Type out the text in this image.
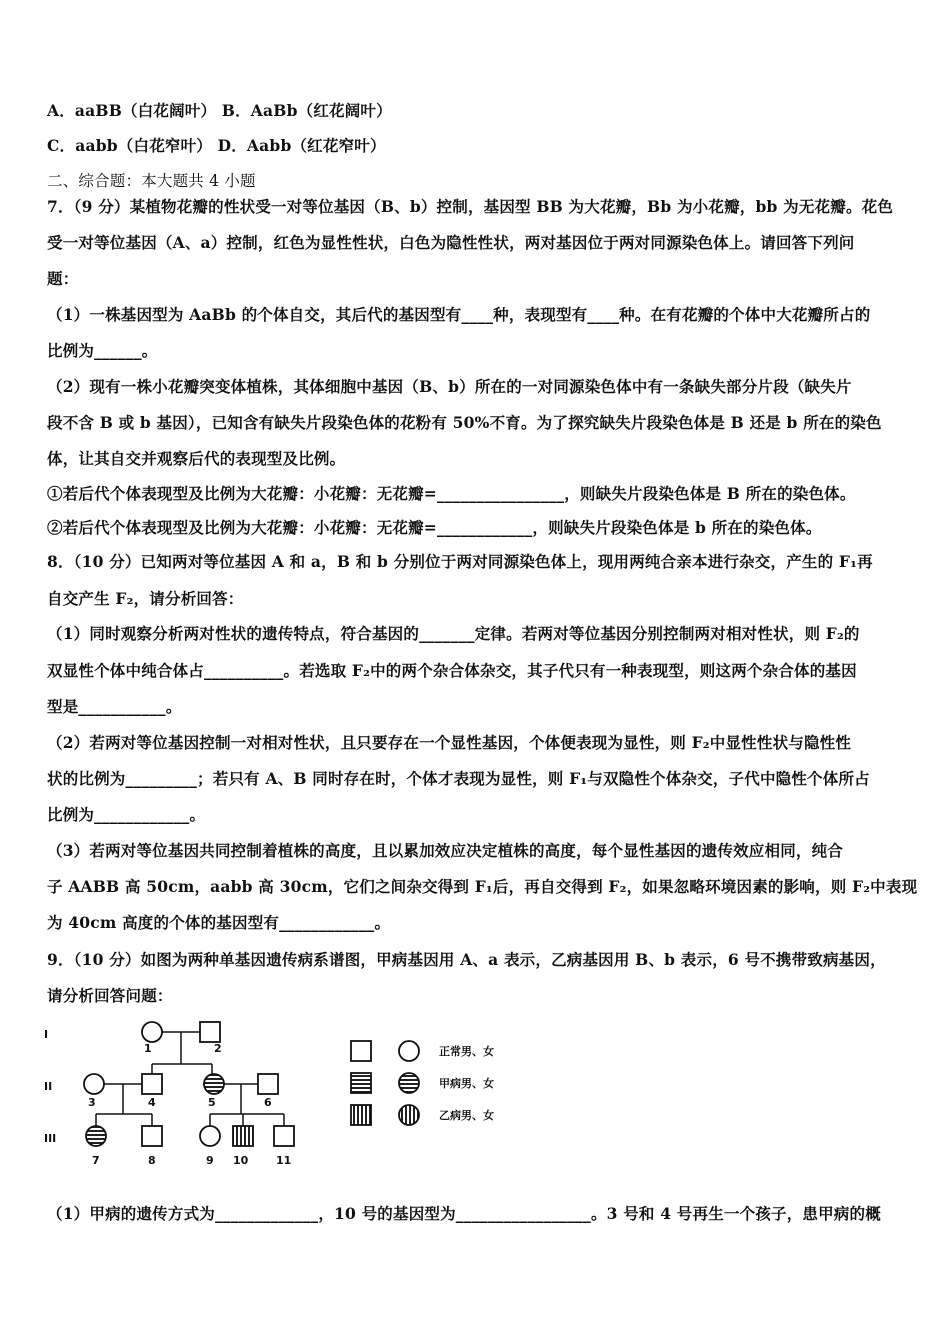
A．aaBB（白花阔叶） B．AaBb（红花阔叶）
C．aabb（白花窄叶） D．Aabb（红花窄叶）
二、综合题：本大题共 4 小题
7．（9 分）某植物花瓣的性状受一对等位基因（B、b）控制，基因型 BB 为大花瓣，Bb 为小花瓣，bb 为无花瓣。花色
受一对等位基因（A、a）控制，红色为显性性状，白色为隐性性状，两对基因位于两对同源染色体上。请回答下列问
题：
（1）一株基因型为 AaBb 的个体自交，其后代的基因型有____种，表现型有____种。在有花瓣的个体中大花瓣所占的
比例为______。
（2）现有一株小花瓣突变体植株，其体细胞中基因（B、b）所在的一对同源染色体中有一条缺失部分片段（缺失片
段不含 B 或 b 基因），已知含有缺失片段染色体的花粉有 50%不育。为了探究缺失片段染色体是 B 还是 b 所在的染色
体，让其自交并观察后代的表现型及比例。
①若后代个体表现型及比例为大花瓣：小花瓣：无花瓣=________________，则缺失片段染色体是 B 所在的染色体。
②若后代个体表现型及比例为大花瓣：小花瓣：无花瓣=____________，则缺失片段染色体是 b 所在的染色体。
8．（10 分）已知两对等位基因 A 和 a，B 和 b 分别位于两对同源染色体上，现用两纯合亲本进行杂交，产生的 F₁再
自交产生 F₂，请分析回答：
（1）同时观察分析两对性状的遗传特点，符合基因的_______定律。若两对等位基因分别控制两对相对性状，则 F₂的
双显性个体中纯合体占__________。若选取 F₂中的两个杂合体杂交，其子代只有一种表现型，则这两个杂合体的基因
型是___________。
（2）若两对等位基因控制一对相对性状，且只要存在一个显性基因，个体便表现为显性，则 F₂中显性性状与隐性性
状的比例为_________；若只有 A、B 同时存在时，个体才表现为显性，则 F₁与双隐性个体杂交，子代中隐性个体所占
比例为____________。
（3）若两对等位基因共同控制着植株的高度，且以累加效应决定植株的高度，每个显性基因的遗传效应相同，纯合
子 AABB 高 50cm，aabb 高 30cm，它们之间杂交得到 F₁后，再自交得到 F₂，如果忽略环境因素的影响，则 F₂中表现
为 40cm 高度的个体的基因型有____________。
9．（10 分）如图为两种单基因遗传病系谱图，甲病基因用 A、a 表示，乙病基因用 B、b 表示，6 号不携带致病基因，
请分析回答问题：
I
II
III
1	2
3	4	5	6
7	8	9 10	11
正常男、女
甲病男、女
乙病男、女
（1）甲病的遗传方式为_____________，10 号的基因型为_________________。3 号和 4 号再生一个孩子，患甲病的概
